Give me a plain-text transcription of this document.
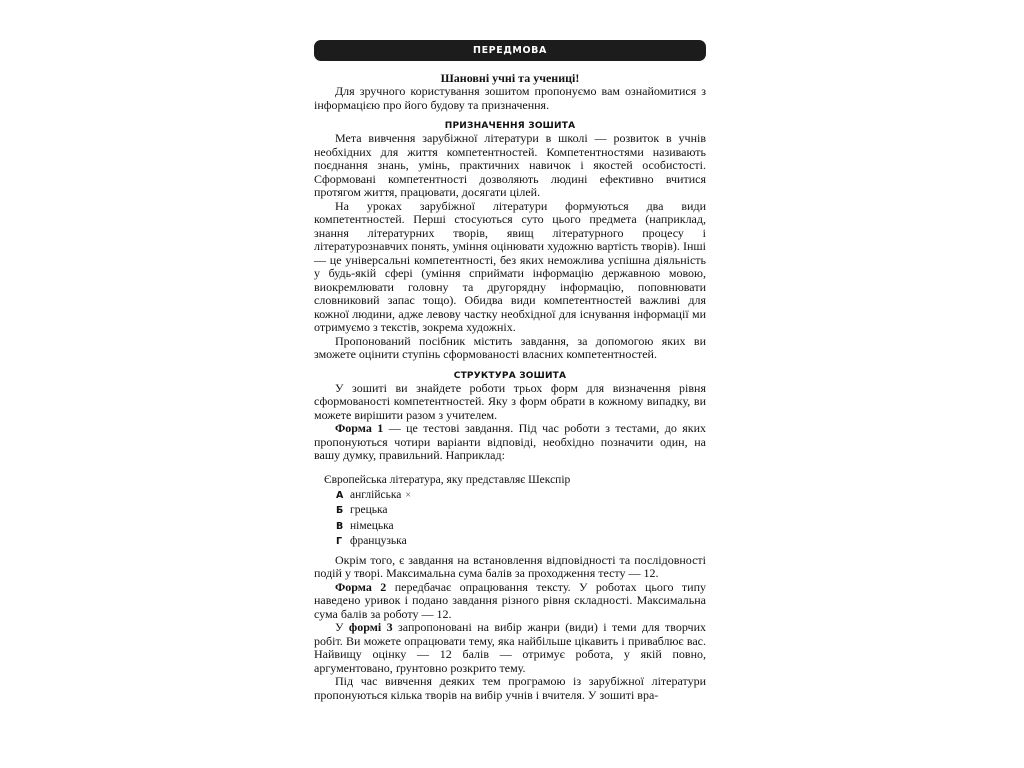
ПЕРЕДМОВА
Шановні учні та учениці!

Для зручного користування зошитом пропонуємо вам ознайомитися з інформацією про його будову та призначення.

ПРИЗНАЧЕННЯ ЗОШИТА

Мета вивчення зарубіжної літератури в школі — розвиток в учнів необхідних для життя компетентностей. Компетентностями називають поєднання знань, умінь, практичних навичок і якостей особистості. Сформовані компетентності дозволяють людині ефективно вчитися протягом життя, працювати, досягати цілей.

На уроках зарубіжної літератури формуються два види компетентностей. Перші стосуються суто цього предмета (наприклад, знання літературних творів, явищ літературного процесу і літературознавчих понять, уміння оцінювати художню вартість творів). Інші — це універсальні компетентності, без яких неможлива успішна діяльність у будь-якій сфері (уміння сприймати інформацію державною мовою, виокремлювати головну та другорядну інформацію, поповнювати словниковий запас тощо). Обидва види компетентностей важливі для кожної людини, адже левову частку необхідної для існування інформації ми отримуємо з текстів, зокрема художніх.

Пропонований посібник містить завдання, за допомогою яких ви зможете оцінити ступінь сформованості власних компетентностей.

СТРУКТУРА ЗОШИТА

У зошиті ви знайдете роботи трьох форм для визначення рівня сформованості компетентностей. Яку з форм обрати в кожному випадку, ви можете вирішити разом з учителем.

Форма 1 — це тестові завдання. Під час роботи з тестами, до яких пропонуються чотири варіанти відповіді, необхідно позначити один, на вашу думку, правильний. Наприклад:

Європейська література, яку представляє Шекспір
А англійська ×
Б грецька
В німецька
Г французька

Окрім того, є завдання на встановлення відповідності та послідовності подій у творі. Максимальна сума балів за проходження тесту — 12.

Форма 2 передбачає опрацювання тексту. У роботах цього типу наведено уривок і подано завдання різного рівня складності. Максимальна сума балів за роботу — 12.

У формі 3 запропоновані на вибір жанри (види) і теми для творчих робіт. Ви можете опрацювати тему, яка найбільше цікавить і приваблює вас. Найвищу оцінку — 12 балів — отримує робота, у якій повно, аргументовано, ґрунтовно розкрито тему.

Під час вивчення деяких тем програмою із зарубіжної літератури пропонуються кілька творів на вибір учнів і вчителя. У зошиті вра-
